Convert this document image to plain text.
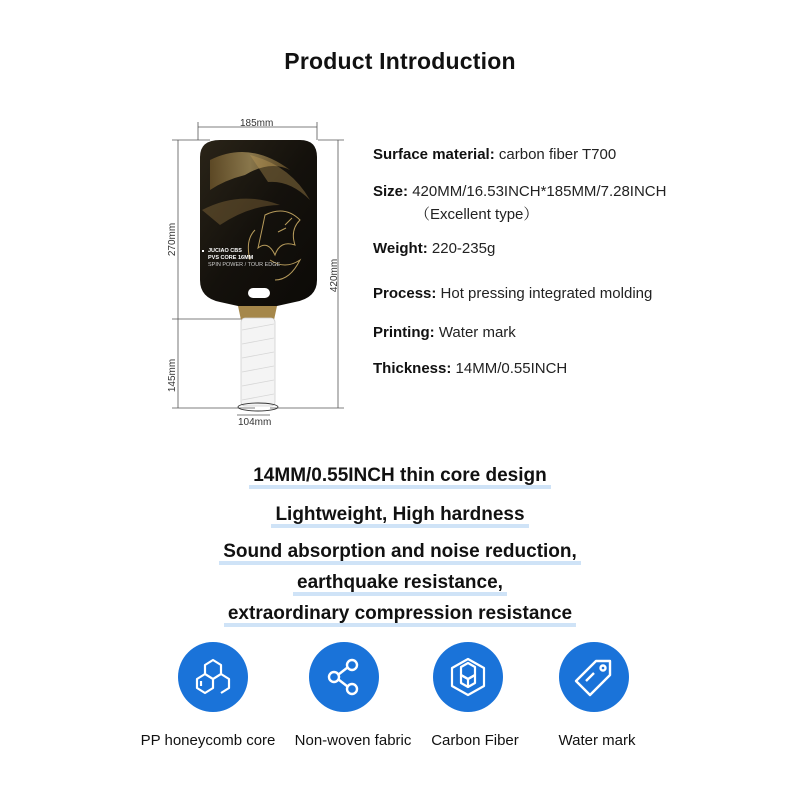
Product Introduction
JUCIAO CBS
PVS CORE 16MM
SPIN POWER / TOUR EDGE
185mm
270mm
420mm
145mm
104mm
Surface material: carbon fiber T700
Size: 420MM/16.53INCH*185MM/7.28INCH
（Excellent type）
Weight: 220-235g
Process: Hot pressing integrated molding
Printing: Water mark
Thickness: 14MM/0.55INCH
14MM/0.55INCH thin core design
Lightweight, High hardness
Sound absorption and noise reduction,
earthquake resistance,
extraordinary compression resistance
PP honeycomb core	Non-woven fabric	Carbon Fiber	Water mark
